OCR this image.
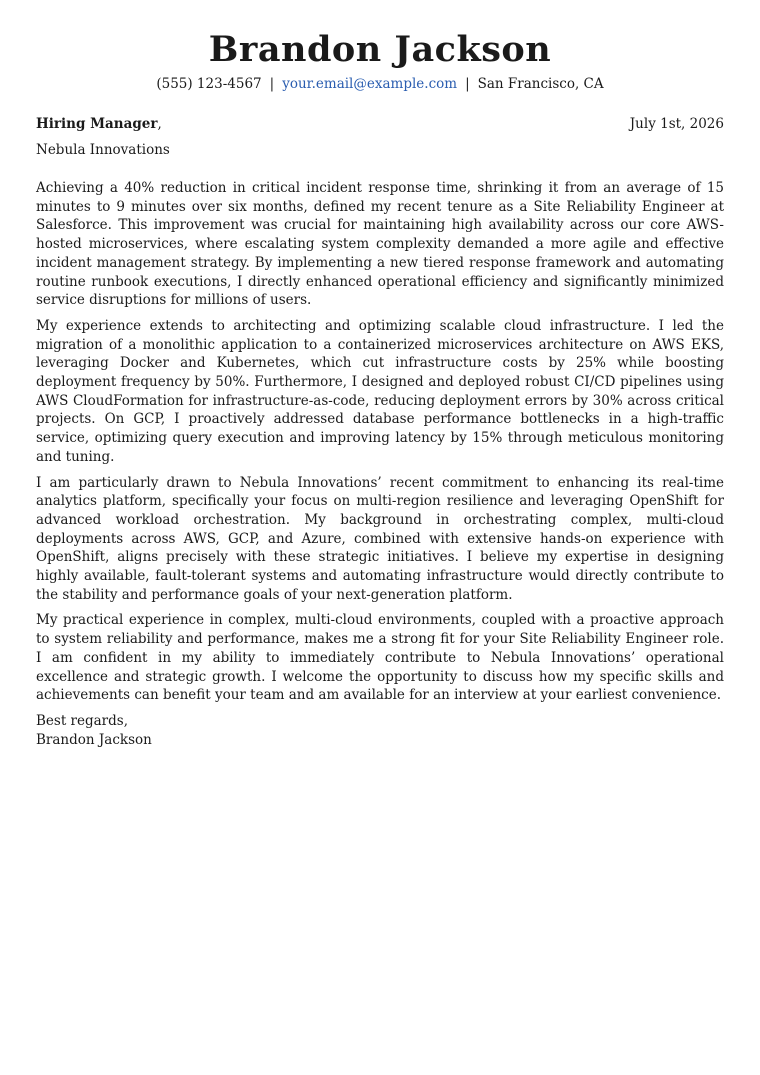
Brandon Jackson
(555) 123-4567 | your.email@example.com | San Francisco, CA
Hiring Manager,	July 1st, 2026
Nebula Innovations

Achieving a 40% reduction in critical incident response time, shrinking it from an average of 15 minutes to 9 minutes over six months, defined my recent tenure as a Site Reliability Engineer at Salesforce. This improvement was crucial for maintaining high availability across our core AWS-hosted microservices, where escalating system complexity demanded a more agile and effective incident management strategy. By implementing a new tiered response framework and automating routine runbook executions, I directly enhanced operational efficiency and significantly minimized service disruptions for millions of users.

My experience extends to architecting and optimizing scalable cloud infrastructure. I led the migration of a monolithic application to a containerized microservices architecture on AWS EKS, leveraging Docker and Kubernetes, which cut infrastructure costs by 25% while boosting deployment frequency by 50%. Furthermore, I designed and deployed robust CI/CD pipelines using AWS CloudFormation for infrastructure-as-code, reducing deployment errors by 30% across critical projects. On GCP, I proactively addressed database performance bottlenecks in a high-traffic service, optimizing query execution and improving latency by 15% through meticulous monitoring and tuning.

I am particularly drawn to Nebula Innovations’ recent commitment to enhancing its real-time analytics platform, specifically your focus on multi-region resilience and leveraging OpenShift for advanced workload orchestration. My background in orchestrating complex, multi-cloud deployments across AWS, GCP, and Azure, combined with extensive hands-on experience with OpenShift, aligns precisely with these strategic initiatives. I believe my expertise in designing highly available, fault-tolerant systems and automating infrastructure would directly contribute to the stability and performance goals of your next-generation platform.

My practical experience in complex, multi-cloud environments, coupled with a proactive approach to system reliability and performance, makes me a strong fit for your Site Reliability Engineer role. I am confident in my ability to immediately contribute to Nebula Innovations’ operational excellence and strategic growth. I welcome the opportunity to discuss how my specific skills and achievements can benefit your team and am available for an interview at your earliest convenience.

Best regards,
Brandon Jackson
